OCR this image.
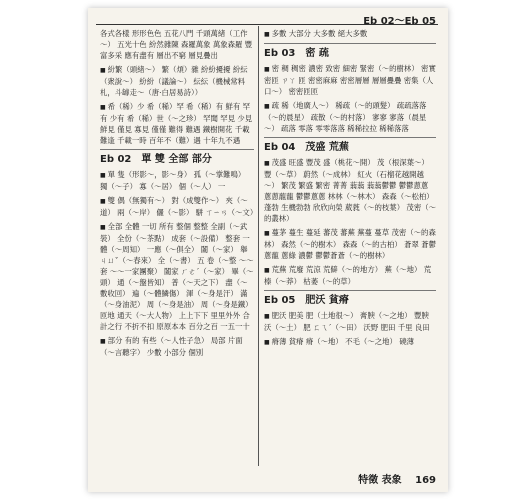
Eb 02～Eb 05
各式各樣 形形色色 五花八門 千頭萬緒（工作～） 五光十色 紛然雜陳 森羅萬象 萬象森羅 豐富多采 應有盡有 層出不窮 層見疊出
■ 紛繁（頭緒～） 繁（煩）雜 紛紛擾擾 紛紜（衆說～） 紛紛（議論～） 紜紜（機械常料札，斗罅走～（唐·白居易詩））
■ 希（稀）少 希（稀）罕 希（稀）有 鮮有 罕有 少有 希（稀）世（～之珍） 罕聞 罕見 少見 鮮見 僅見 寡見 僅僅 難得 難遇 鐵樹開花 千載難逢 千載一時 百年不（難）遇 十年九不遇
Eb 02　單 雙 全部 部分
■ 單 隻（形影～，影～身） 孤（～掌難鳴） 獨（～子） 寡（～居） 個（～人） 一
■ 雙 偶（無獨有～） 對（成雙作～） 夾（～道） 兩（～岸） 儷（～影） 駢 ㄒㄧㄢ（～文）
■ 全部 全體 一切 所有 整個 整整 全副（～武裝） 全份（～茶點） 成套（～設備） 整套 一體（～周知） 一應（～俱全） 闔（～家） 舉 ㄐㄩˇ（～春來） 全（～書） 五 卷（～整 ～～套 ～～一家團聚） 闔家 ㄏㄜˊ（～家） 畢（～頭） 通（～盤皆知） 普（～天之下） 盡（～數收回） 遍（～體鱗傷） 渾（～身是汗） 滿（～身油泥） 周（～身是油） 周（～身是鐵） 匝地 通天（～大人物） 上上下下 里里外外 合計之行 不折不扣 原原本本 百分之百 一五一十
■ 部分 有的 有些（～人性子急） 局部 片面（～言聽字） 少數 小部分 個別
■ 多數 大部分 大多數 絕大多數
Eb 03　密 疏
■ 密 稠 稠密 濃密 致密 細密 緊密（～的樹林） 密實 密匝 ㄗㄚ 匝 密密麻麻 密密層層 層層疊疊 密集（人口～） 密密匝匝
■ 疏 稀（地廣人～） 稀疏（～的頭髮） 疏疏落落（～的晨星） 疏散（～的村落） 寥寥 寥落（晨星～） 疏落 零落 零零落落 稀稀拉拉 稀稀落落
Eb 04　茂盛 荒蕪
■ 茂盛 旺盛 豐茂 盛（桃花～開） 茂（根深葉～） 豐（～草） 蔚然（～成林） 紅火（石榴花越開越～） 繁茂 繁盛 繁密 菁菁 蓊蓊 蓊蓊鬱鬱 鬱鬱蔥蔥 蔥蔥蘢蘢 鬱鬱蔥蔥 林林（～林木） 森森（～松柏） 蓬勃 生機勃勃 欣欣向榮 葳蕤（～的枝葉） 茂密（～的叢林）
■ 蔓茅 蔓生 蔓延 蕃茂 蕃蕪 蕪蔓 蔓草 茂密（～的森林） 森然（～的樹木） 森森（～的古柏） 蒼翠 蒼鬱 蔥蘢 蔥綠 濃鬱 鬱鬱蒼蒼（～的樹林）
■ 荒蕪 荒廢 荒涼 荒僻（～的地方） 蕪（～地） 荒 榛（～莽） 枯萎（～的草）
Eb 05　肥沃 貧瘠
■ 肥沃 肥美 肥（土地很～） 膏腴（～之地） 豐腴 沃（～土） 肥 ㄈㄟˊ（～田） 沃野 肥田 千里 良田
■ 瘠薄 貧瘠 瘠（～地） 不毛（～之地） 磽薄
特徵 表象 169
